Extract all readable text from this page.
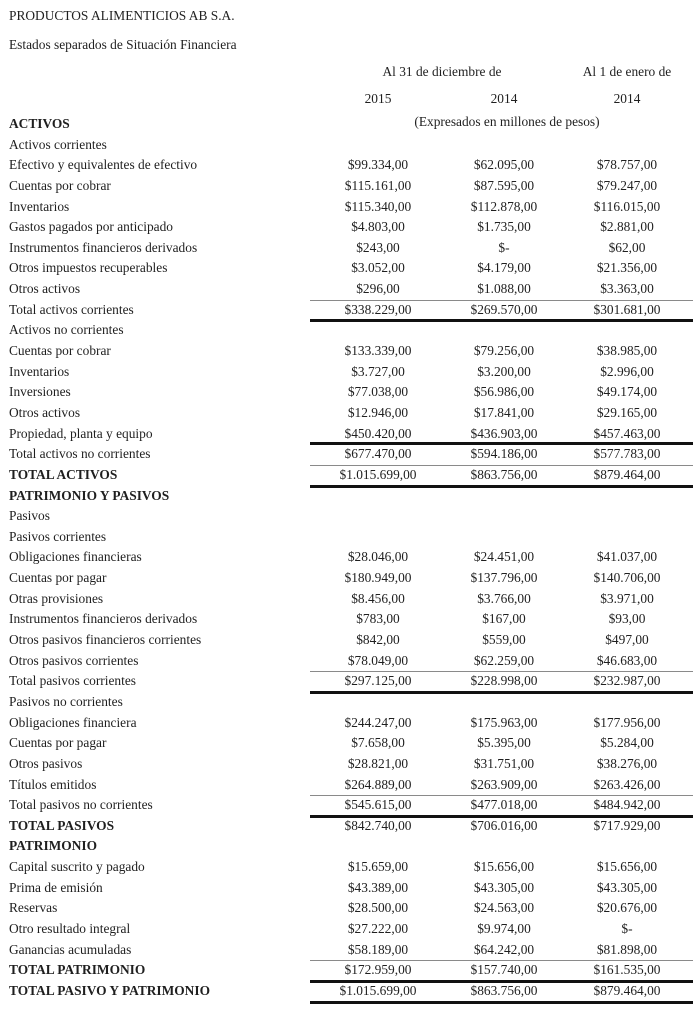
PRODUCTOS ALIMENTICIOS AB S.A.
Estados separados de Situación Financiera
Al 31 de diciembre de	Al 1 de enero de
2015	2014	2014
(Expresados en millones de pesos)
ACTIVOS
Activos corrientes
Efectivo y equivalentes de efectivo	$99.334,00	$62.095,00	$78.757,00
Cuentas por cobrar	$115.161,00	$87.595,00	$79.247,00
Inventarios	$115.340,00	$112.878,00	$116.015,00
Gastos pagados por anticipado	$4.803,00	$1.735,00	$2.881,00
Instrumentos financieros derivados	$243,00	$-	$62,00
Otros impuestos recuperables	$3.052,00	$4.179,00	$21.356,00
Otros activos	$296,00	$1.088,00	$3.363,00
Total activos corrientes	$338.229,00	$269.570,00	$301.681,00
Activos no corrientes
Cuentas por cobrar	$133.339,00	$79.256,00	$38.985,00
Inventarios	$3.727,00	$3.200,00	$2.996,00
Inversiones	$77.038,00	$56.986,00	$49.174,00
Otros activos	$12.946,00	$17.841,00	$29.165,00
Propiedad, planta y equipo	$450.420,00	$436.903,00	$457.463,00
Total activos no corrientes	$677.470,00	$594.186,00	$577.783,00
TOTAL ACTIVOS	$1.015.699,00	$863.756,00	$879.464,00
PATRIMONIO Y PASIVOS
Pasivos
Pasivos corrientes
Obligaciones financieras	$28.046,00	$24.451,00	$41.037,00
Cuentas por pagar	$180.949,00	$137.796,00	$140.706,00
Otras provisiones	$8.456,00	$3.766,00	$3.971,00
Instrumentos financieros derivados	$783,00	$167,00	$93,00
Otros pasivos financieros corrientes	$842,00	$559,00	$497,00
Otros pasivos corrientes	$78.049,00	$62.259,00	$46.683,00
Total pasivos corrientes	$297.125,00	$228.998,00	$232.987,00
Pasivos no corrientes
Obligaciones financiera	$244.247,00	$175.963,00	$177.956,00
Cuentas por pagar	$7.658,00	$5.395,00	$5.284,00
Otros pasivos	$28.821,00	$31.751,00	$38.276,00
Títulos emitidos	$264.889,00	$263.909,00	$263.426,00
Total pasivos no corrientes	$545.615,00	$477.018,00	$484.942,00
TOTAL PASIVOS	$842.740,00	$706.016,00	$717.929,00
PATRIMONIO
Capital suscrito y pagado	$15.659,00	$15.656,00	$15.656,00
Prima de emisión	$43.389,00	$43.305,00	$43.305,00
Reservas	$28.500,00	$24.563,00	$20.676,00
Otro resultado integral	$27.222,00	$9.974,00	$-
Ganancias acumuladas	$58.189,00	$64.242,00	$81.898,00
TOTAL PATRIMONIO	$172.959,00	$157.740,00	$161.535,00
TOTAL PASIVO Y PATRIMONIO	$1.015.699,00	$863.756,00	$879.464,00
